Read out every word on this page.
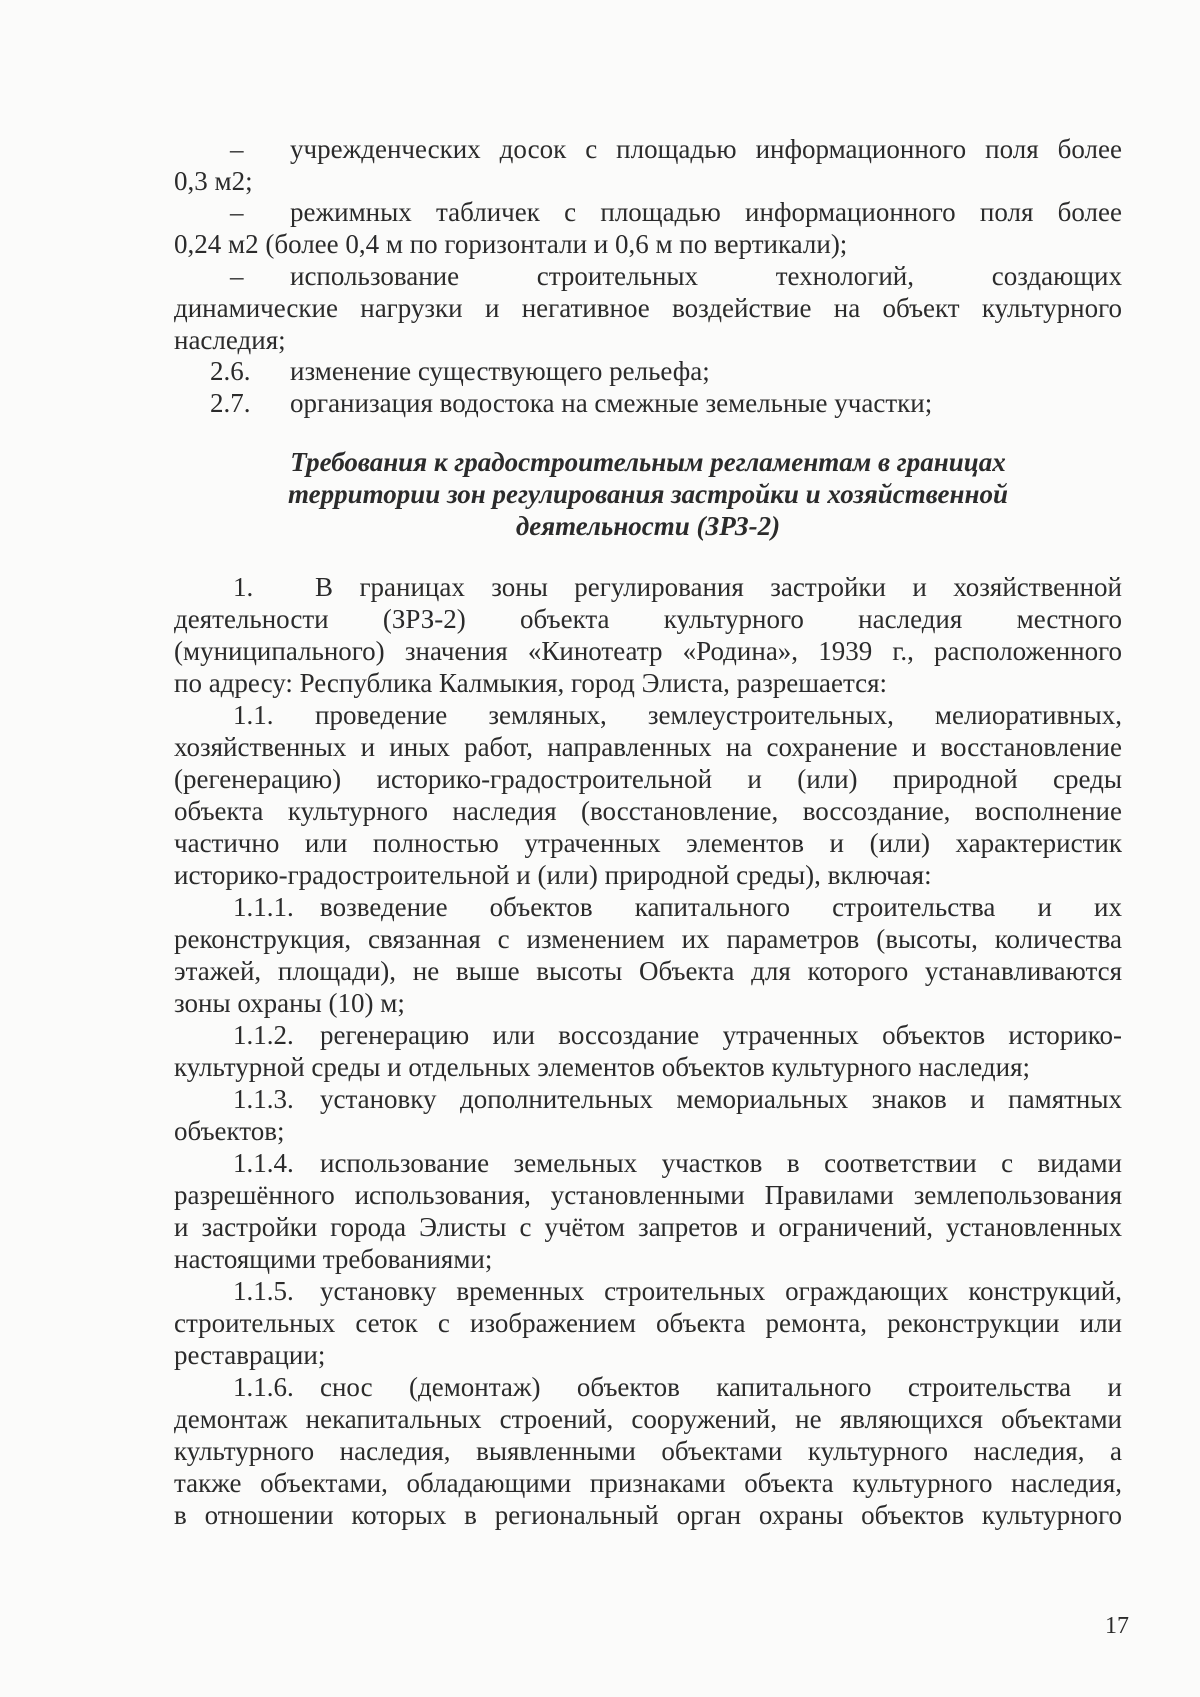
– учрежденческих досок с площадью информационного поля более
0,3 м2;
– режимных табличек с площадью информационного поля более
0,24 м2 (более 0,4 м по горизонтали и 0,6 м по вертикали);
– использование строительных технологий, создающих
динамические нагрузки и негативное воздействие на объект культурного
наследия;
2.6. изменение существующего рельефа;
2.7. организация водостока на смежные земельные участки;
Требования к градостроительным регламентам в границах
территории зон регулирования застройки и хозяйственной
деятельности (ЗРЗ-2)
1. В границах зоны регулирования застройки и хозяйственной
деятельности (ЗРЗ-2) объекта культурного наследия местного
(муниципального) значения «Кинотеатр «Родина», 1939 г., расположенного
по адресу: Республика Калмыкия, город Элиста, разрешается:
1.1. проведение земляных, землеустроительных, мелиоративных,
хозяйственных и иных работ, направленных на сохранение и восстановление
(регенерацию) историко-градостроительной и (или) природной среды
объекта культурного наследия (восстановление, воссоздание, восполнение
частично или полностью утраченных элементов и (или) характеристик
историко-градостроительной и (или) природной среды), включая:
1.1.1. возведение объектов капитального строительства и их
реконструкция, связанная с изменением их параметров (высоты, количества
этажей, площади), не выше высоты Объекта для которого устанавливаются
зоны охраны (10) м;
1.1.2. регенерацию или воссоздание утраченных объектов историко-
культурной среды и отдельных элементов объектов культурного наследия;
1.1.3. установку дополнительных мемориальных знаков и памятных
объектов;
1.1.4. использование земельных участков в соответствии с видами
разрешённого использования, установленными Правилами землепользования
и застройки города Элисты с учётом запретов и ограничений, установленных
настоящими требованиями;
1.1.5. установку временных строительных ограждающих конструкций,
строительных сеток с изображением объекта ремонта, реконструкции или
реставрации;
1.1.6. снос (демонтаж) объектов капитального строительства и
демонтаж некапитальных строений, сооружений, не являющихся объектами
культурного наследия, выявленными объектами культурного наследия, а
также объектами, обладающими признаками объекта культурного наследия,
в отношении которых в региональный орган охраны объектов культурного
17
